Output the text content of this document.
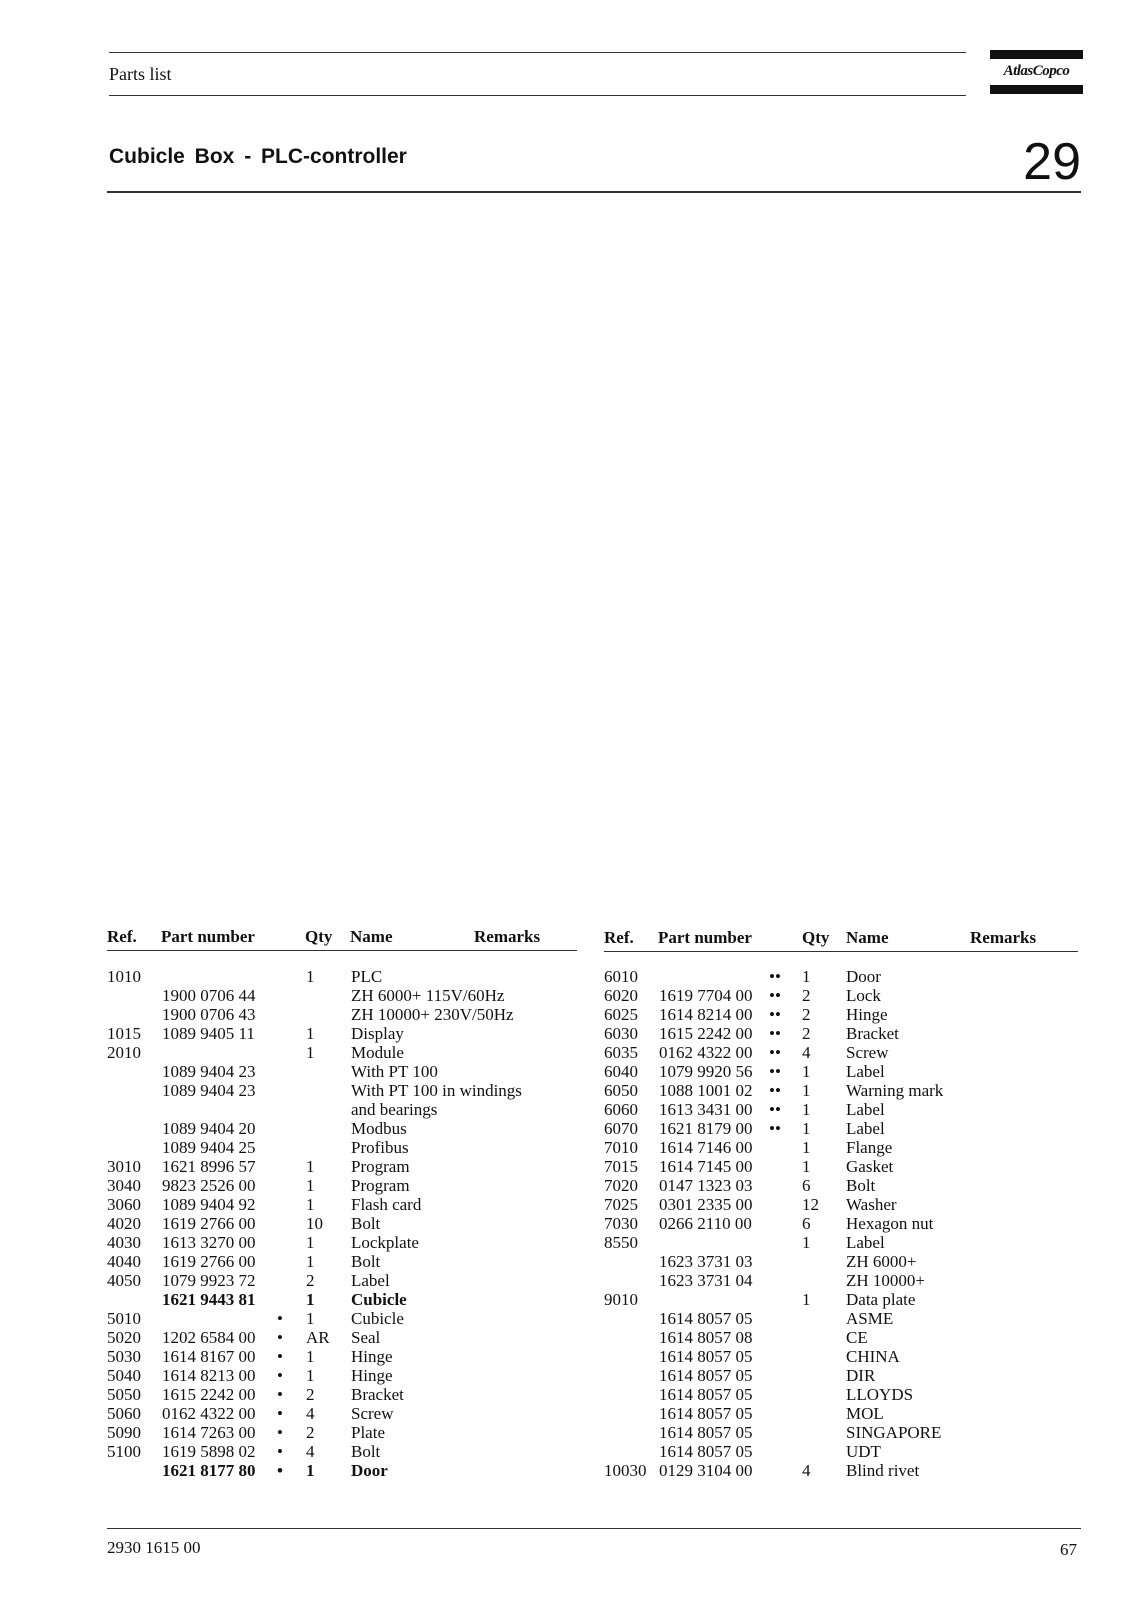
Parts list	AtlasCopco
Cubicle Box - PLC-controller	29
Ref. Part number	Qty Name	Remarks	Ref. Part number	Qty Name	Remarks
1010	1 PLC
1900 0706 44	ZH 6000+ 115V/60Hz
1900 0706 43	ZH 10000+ 230V/50Hz
1015 1089 9405 11	1 Display
2010	1 Module
1089 9404 23	With PT 100
1089 9404 23	With PT 100 in windings
and bearings
1089 9404 20	Modbus
1089 9404 25	Profibus
3010 1621 8996 57	1 Program
3040 9823 2526 00	1 Program
3060 1089 9404 92	1 Flash card
4020 1619 2766 00	10 Bolt
4030 1613 3270 00	1 Lockplate
4040 1619 2766 00	1 Bolt
4050 1079 9923 72	2 Label
1621 9443 81	1 Cubicle
5010	• 1 Cubicle
5020 1202 6584 00 • AR Seal
5030 1614 8167 00 • 1 Hinge
5040 1614 8213 00 • 1 Hinge
5050 1615 2242 00 • 2 Bracket
5060 0162 4322 00 • 4 Screw
5090 1614 7263 00 • 2 Plate
5100 1619 5898 02 • 4 Bolt
1621 8177 80 • 1 Door
6010	•• 1 Door
6020 1619 7704 00 •• 2 Lock
6025 1614 8214 00 •• 2 Hinge
6030 1615 2242 00 •• 2 Bracket
6035 0162 4322 00 •• 4 Screw
6040 1079 9920 56 •• 1 Label
6050 1088 1001 02 •• 1 Warning mark
6060 1613 3431 00 •• 1 Label
6070 1621 8179 00 •• 1 Label
7010 1614 7146 00	1 Flange
7015 1614 7145 00	1 Gasket
7020 0147 1323 03	6 Bolt
7025 0301 2335 00	12 Washer
7030 0266 2110 00	6 Hexagon nut
8550	1 Label
1623 3731 03	ZH 6000+
1623 3731 04	ZH 10000+
9010	1 Data plate
1614 8057 05	ASME
1614 8057 08	CE
1614 8057 05	CHINA
1614 8057 05	DIR
1614 8057 05	LLOYDS
1614 8057 05	MOL
1614 8057 05	SINGAPORE
1614 8057 05	UDT
10030 0129 3104 00	4 Blind rivet
2930 1615 00	67
